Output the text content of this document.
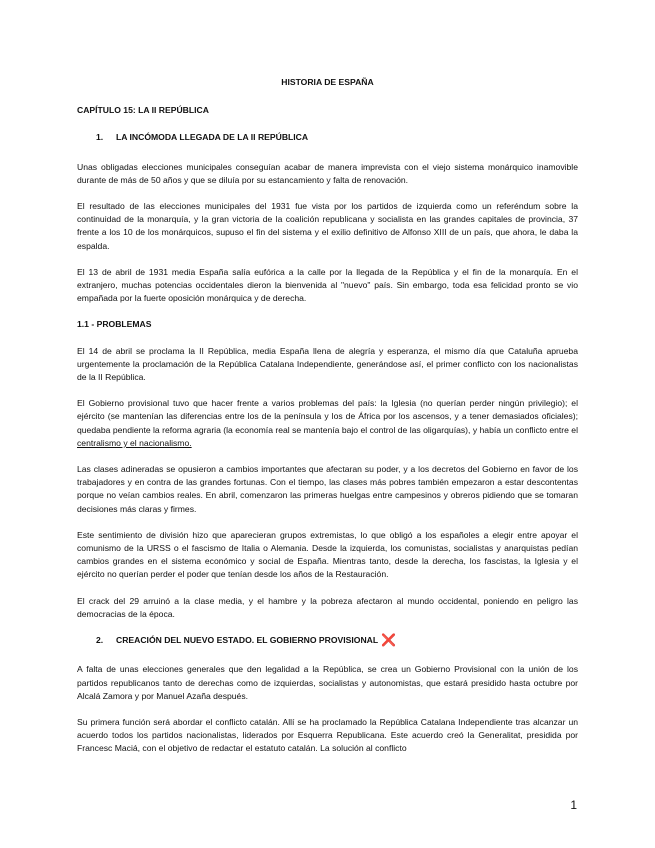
HISTORIA DE ESPAÑA
CAPÍTULO 15: LA II REPÚBLICA
1.	LA INCÓMODA LLEGADA DE LA II REPÚBLICA

Unas obligadas elecciones municipales conseguían acabar de manera imprevista con el viejo sistema monárquico inamovible durante de más de 50 años y que se diluía por su estancamiento y falta de renovación.

El resultado de las elecciones municipales del 1931 fue vista por los partidos de izquierda como un referéndum sobre la continuidad de la monarquía, y la gran victoria de la coalición republicana y socialista en las grandes capitales de provincia, 37 frente a los 10 de los monárquicos, supuso el fin del sistema y el exilio definitivo de Alfonso XIII de un país, que ahora, le daba la espalda.

El 13 de abril de 1931 media España salía eufórica a la calle por la llegada de la República y el fin de la monarquía. En el extranjero, muchas potencias occidentales dieron la bienvenida al "nuevo" país. Sin embargo, toda esa felicidad pronto se vio empañada por la fuerte oposición monárquica y de derecha.

1.1 - PROBLEMAS

El 14 de abril se proclama la II República, media España llena de alegría y esperanza, el mismo día que Cataluña aprueba urgentemente la proclamación de la República Catalana Independiente, generándose así, el primer conflicto con los nacionalistas de la II República.

El Gobierno provisional tuvo que hacer frente a varios problemas del país: la Iglesia (no querían perder ningún privilegio); el ejército (se mantenían las diferencias entre los de la península y los de África por los ascensos, y a tener demasiados oficiales); quedaba pendiente la reforma agraria (la economía real se mantenía bajo el control de las oligarquías), y había un conflicto entre el centralismo y el nacionalismo.

Las clases adineradas se opusieron a cambios importantes que afectaran su poder, y a los decretos del Gobierno en favor de los trabajadores y en contra de las grandes fortunas. Con el tiempo, las clases más pobres también empezaron a estar descontentas porque no veían cambios reales. En abril, comenzaron las primeras huelgas entre campesinos y obreros pidiendo que se tomaran decisiones más claras y firmes.

Este sentimiento de división hizo que aparecieran grupos extremistas, lo que obligó a los españoles a elegir entre apoyar el comunismo de la URSS o el fascismo de Italia o Alemania. Desde la izquierda, los comunistas, socialistas y anarquistas pedían cambios grandes en el sistema económico y social de España. Mientras tanto, desde la derecha, los fascistas, la Iglesia y el ejército no querían perder el poder que tenían desde los años de la Restauración.

El crack del 29 arruinó a la clase media, y el hambre y la pobreza afectaron al mundo occidental, poniendo en peligro las democracias de la época.

2.	CREACIÓN DEL NUEVO ESTADO. EL GOBIERNO PROVISIONAL ❌

A falta de unas elecciones generales que den legalidad a la República, se crea un Gobierno Provisional con la unión de los partidos republicanos tanto de derechas como de izquierdas, socialistas y autonomistas, que estará presidido hasta octubre por Alcalá Zamora y por Manuel Azaña después.

Su primera función será abordar el conflicto catalán. Allí se ha proclamado la República Catalana Independiente tras alcanzar un acuerdo todos los partidos nacionalistas, liderados por Esquerra Republicana. Este acuerdo creó la Generalitat, presidida por Francesc Maciá, con el objetivo de redactar el estatuto catalán. La solución al conflicto

1
